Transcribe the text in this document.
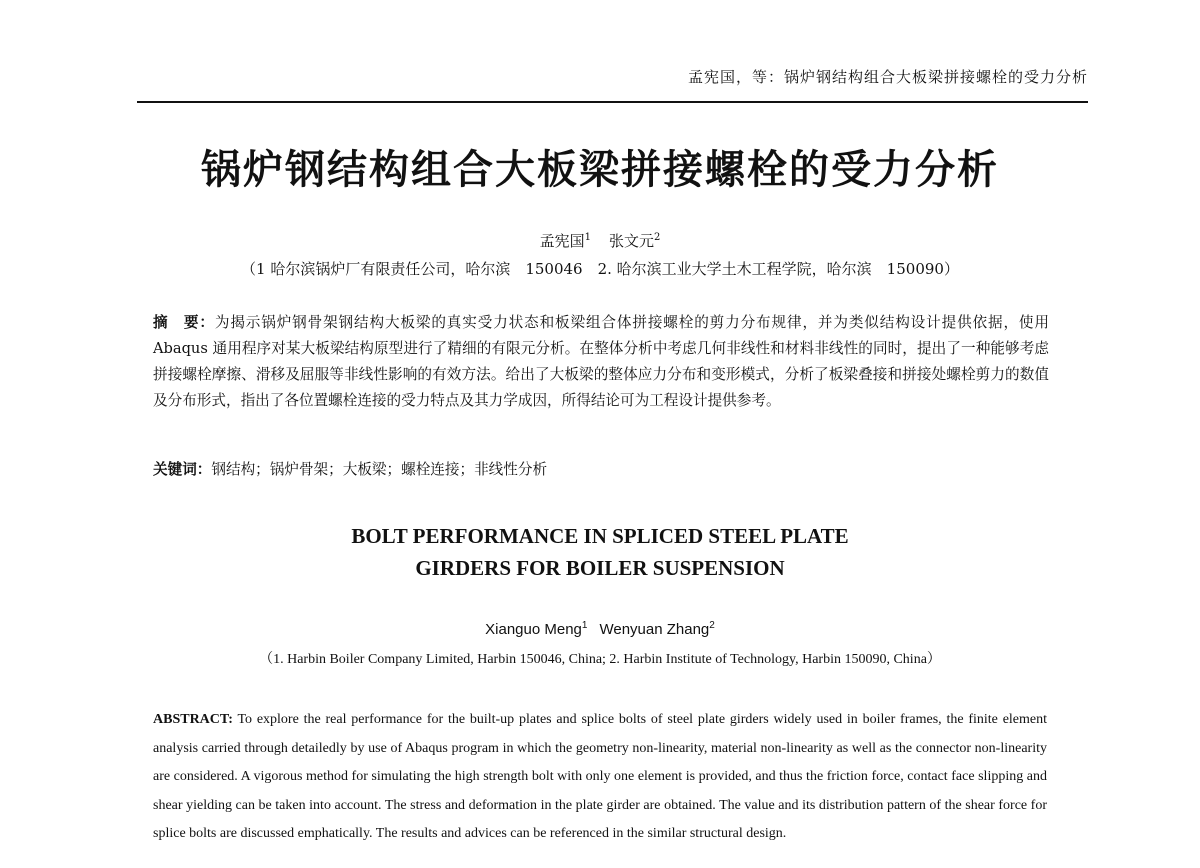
孟宪国，等：锅炉钢结构组合大板梁拼接螺栓的受力分析
锅炉钢结构组合大板梁拼接螺栓的受力分析
孟宪国$^1$ 张文元$^2$
（1 哈尔滨锅炉厂有限责任公司，哈尔滨　150046　2. 哈尔滨工业大学土木工程学院，哈尔滨　150090）
摘　要：为揭示锅炉钢骨架钢结构大板梁的真实受力状态和板梁组合体拼接螺栓的剪力分布规律，并为类似结构设计提供依据，使用 Abaqus 通用程序对某大板梁结构原型进行了精细的有限元分析。在整体分析中考虑几何非线性和材料非线性的同时，提出了一种能够考虑拼接螺栓摩擦、滑移及屈服等非线性影响的有效方法。给出了大板梁的整体应力分布和变形模式，分析了板梁叠接和拼接处螺栓剪力的数值及分布形式，指出了各位置螺栓连接的受力特点及其力学成因，所得结论可为工程设计提供参考。
关键词：钢结构；锅炉骨架；大板梁；螺栓连接；非线性分析
BOLT PERFORMANCE IN SPLICED STEEL PLATE
GIRDERS FOR BOILER SUSPENSION
Xianguo Meng$^1$ Wenyuan Zhang$^2$
（1. Harbin Boiler Company Limited, Harbin 150046, China; 2. Harbin Institute of Technology, Harbin 150090, China）
ABSTRACT: To explore the real performance for the built-up plates and splice bolts of steel plate girders widely used in boiler frames, the finite element analysis carried through detailedly by use of Abaqus program in which the geometry non-linearity, material non-linearity as well as the connector non-linearity are considered. A vigorous method for simulating the high strength bolt with only one element is provided, and thus the friction force, contact face slipping and shear yielding can be taken into account. The stress and deformation in the plate girder are obtained. The value and its distribution pattern of the shear force for splice bolts are discussed emphatically. The results and advices can be referenced in the similar structural design.
